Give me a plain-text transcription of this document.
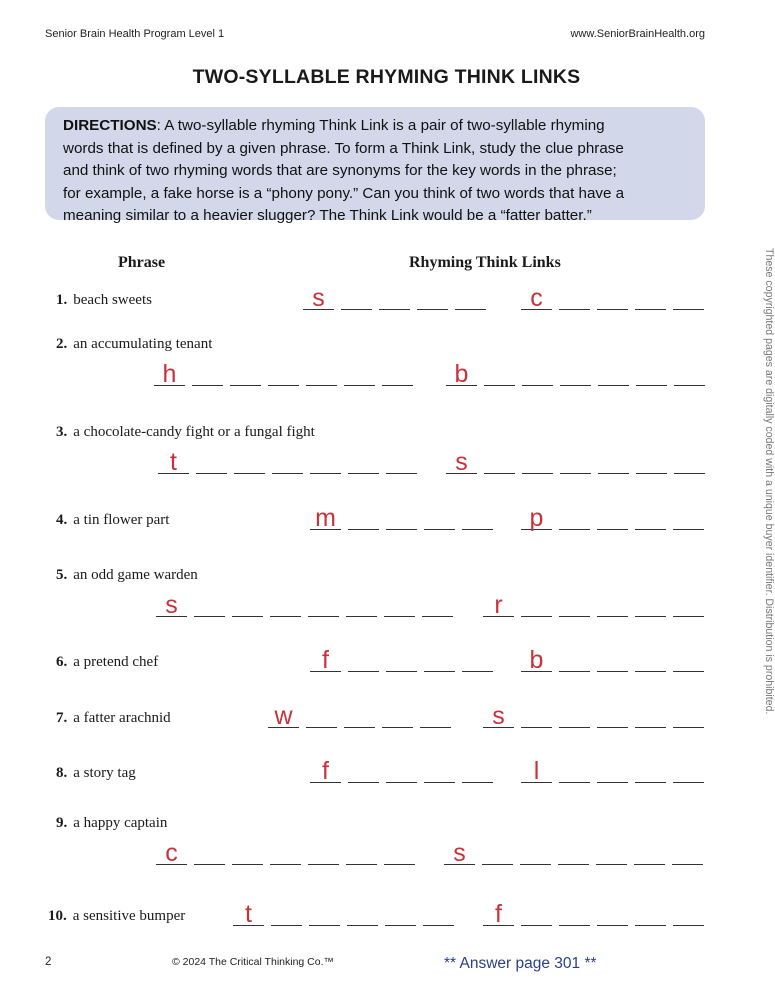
Senior Brain Health Program Level 1	www.SeniorBrainHealth.org
TWO-SYLLABLE RHYMING THINK LINKS
DIRECTIONS: A two-syllable rhyming Think Link is a pair of two-syllable rhyming
words that is defined by a given phrase. To form a Think Link, study the clue phrase
and think of two rhyming words that are synonyms for the key words in the phrase;
for example, a fake horse is a “phony pony.” Can you think of two words that have a
meaning similar to a heavier slugger? The Think Link would be a “fatter batter.”
Phrase	Rhyming Think Links
1. beach sweets	s	c
2. an accumulating tenant
h	b
3. a chocolate-candy fight or a fungal fight
t	s
4. a tin flower part	m	p
5. an odd game warden
s	r
6. a pretend chef	f	b
7. a fatter arachnid	w	s
8. a story tag	f	l
9. a happy captain
c	s
10. a sensitive bumper	t	f
These copyrighted pages are digitally coded with a unique buyer identifier. Distribution is prohibited.
2	© 2024 The Critical Thinking Co.™	** Answer page 301 **
